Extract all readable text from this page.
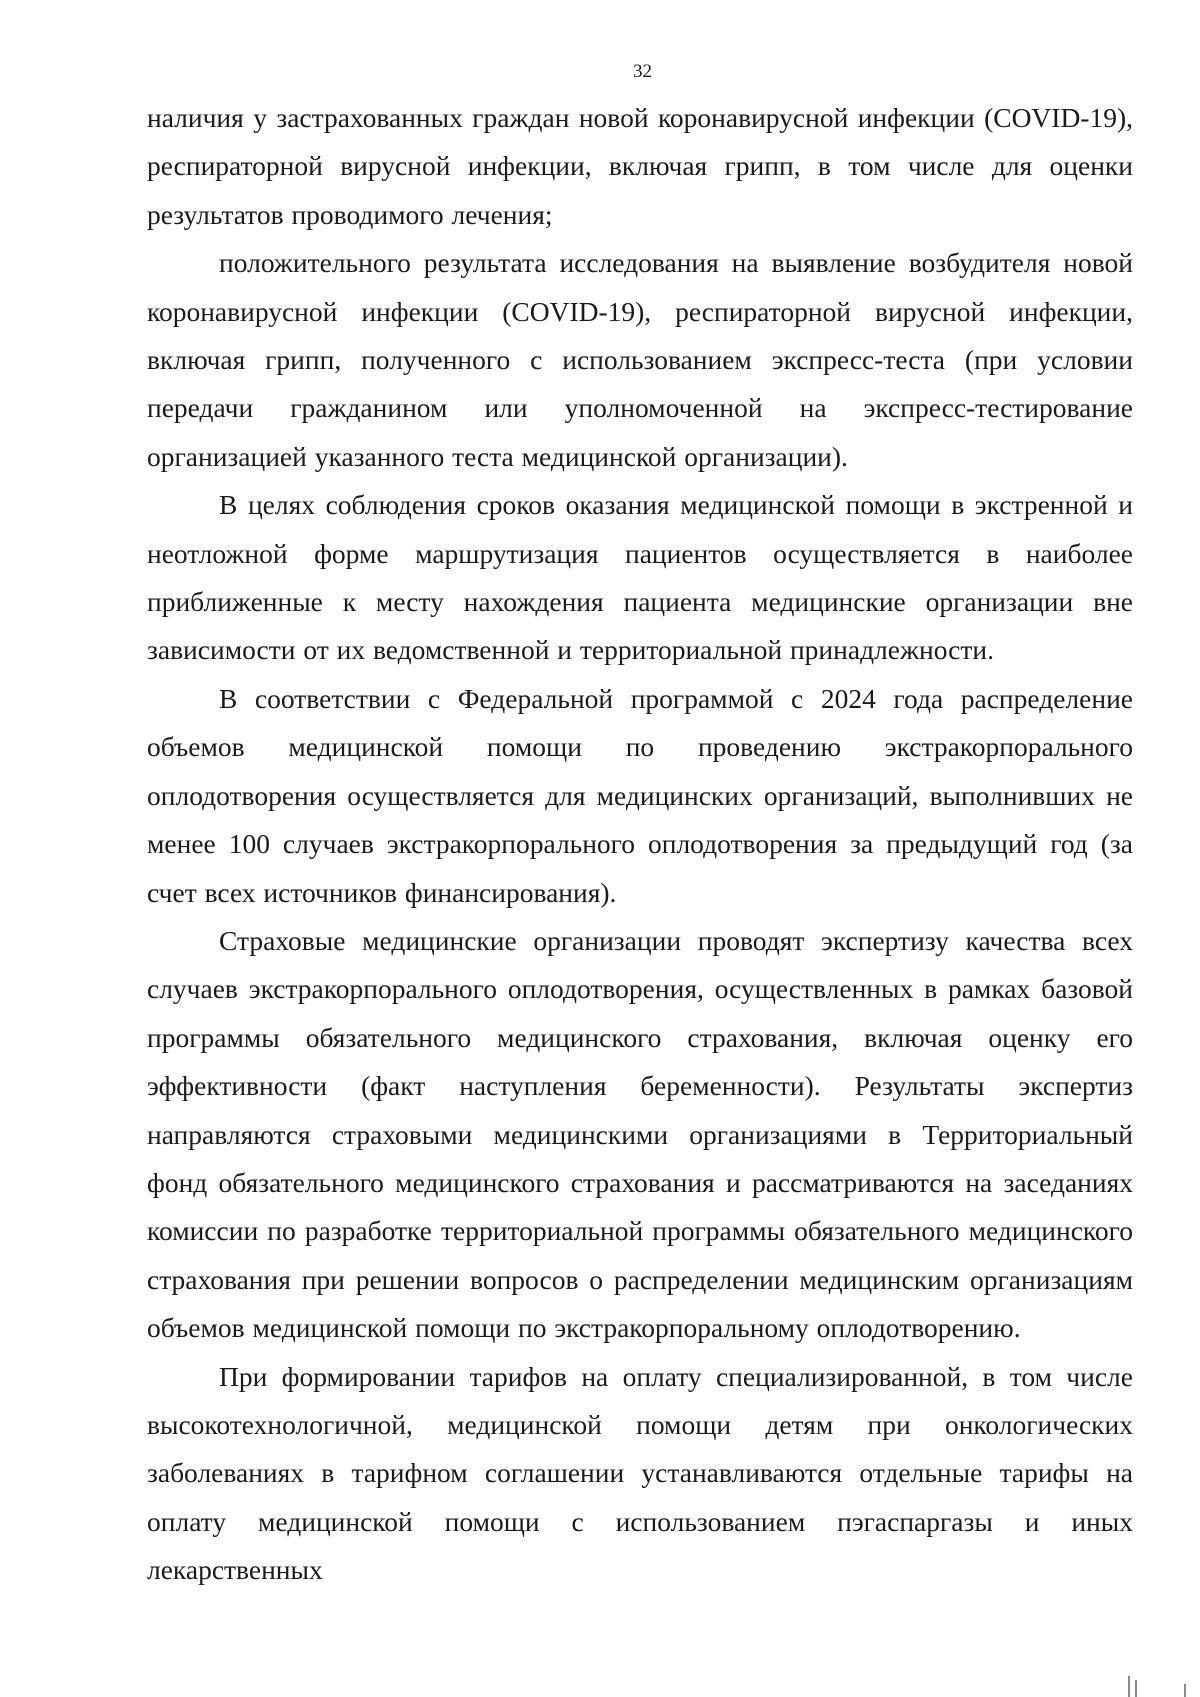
32

наличия у застрахованных граждан новой коронавирусной инфекции (COVID-19), респираторной вирусной инфекции, включая грипп, в том числе для оценки результатов проводимого лечения;

положительного результата исследования на выявление возбудителя новой коронавирусной инфекции (COVID-19), респираторной вирусной инфекции, включая грипп, полученного с использованием экспресс-теста (при условии передачи гражданином или уполномоченной на экспресс-тестирование организацией указанного теста медицинской организации).

В целях соблюдения сроков оказания медицинской помощи в экстренной и неотложной форме маршрутизация пациентов осуществляется в наиболее приближенные к месту нахождения пациента медицинские организации вне зависимости от их ведомственной и территориальной принадлежности.

В соответствии с Федеральной программой с 2024 года распределение объемов медицинской помощи по проведению экстракорпорального оплодотворения осуществляется для медицинских организаций, выполнивших не менее 100 случаев экстракорпорального оплодотворения за предыдущий год (за счет всех источников финансирования).

Страховые медицинские организации проводят экспертизу качества всех случаев экстракорпорального оплодотворения, осуществленных в рамках базовой программы обязательного медицинского страхования, включая оценку его эффективности (факт наступления беременности). Результаты экспертиз направляются страховыми медицинскими организациями в Территориальный фонд обязательного медицинского страхования и рассматриваются на заседаниях комиссии по разработке территориальной программы обязательного медицинского страхования при решении вопросов о распределении медицинским организациям объемов медицинской помощи по экстракорпоральному оплодотворению.

При формировании тарифов на оплату специализированной, в том числе высокотехнологичной, медицинской помощи детям при онкологических заболеваниях в тарифном соглашении устанавливаются отдельные тарифы на оплату медицинской помощи с использованием пэгаспаргазы и иных лекарственных
